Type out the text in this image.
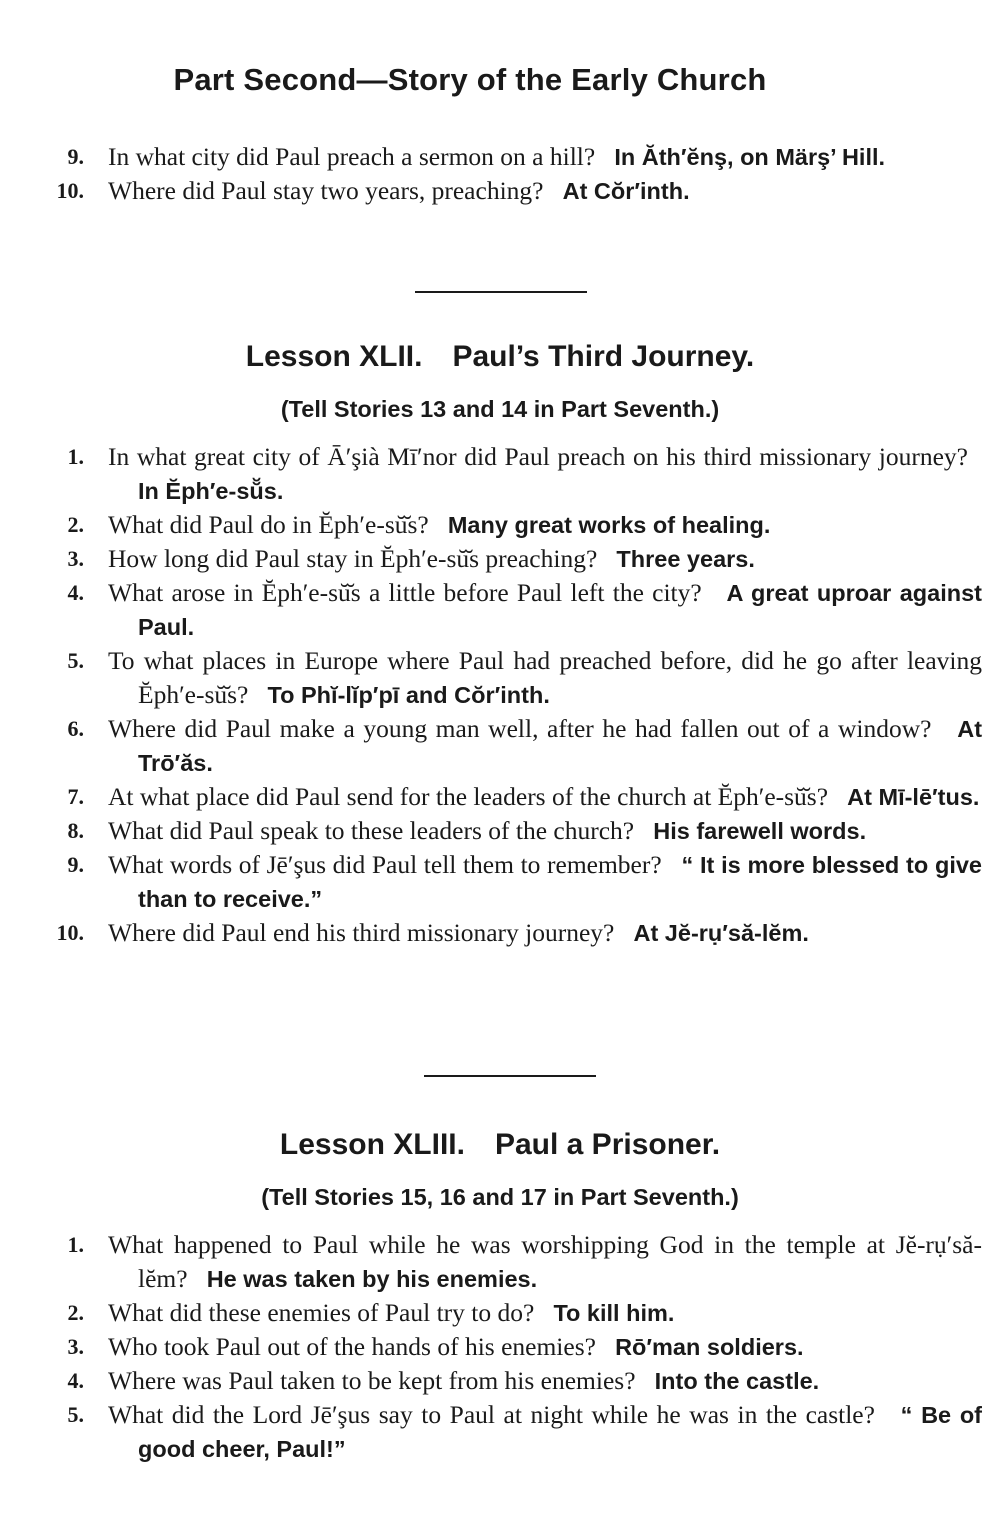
Part Second—Story of the Early Church

9. In what city did Paul preach a sermon on a hill? In Ăth′ĕnş, on Märş’ Hill.

10. Where did Paul stay two years, preaching? At Cŏr′inth.

Lesson XLII. Paul’s Third Journey.
(Tell Stories 13 and 14 in Part Seventh.)

1. In what great city of Ā′şià Mī′nor did Paul preach on his third missionary journey?   In Ĕph′e-sŭ̆s.

2. What did Paul do in Ĕph′e-sŭ̆s? Many great works of healing.

3. How long did Paul stay in Ĕph′e-sŭ̆s preaching? Three years.

4. What arose in Ĕph′e-sŭ̆s a little before Paul left the city? A great uproar against Paul.

5. To what places in Europe where Paul had preached before, did he go after leaving Ĕph′e-sŭ̆s? To Phĭ-lĭp′pī and Cŏr′inth.

6. Where did Paul make a young man well, after he had fallen out of a window? At Trō′ăs.

7. At what place did Paul send for the leaders of the church at Ĕph′e-sŭ̆s? At Mī-lē′tus.

8. What did Paul speak to these leaders of the church? His farewell words.

9. What words of Jē′şus did Paul tell them to remember? “ It is more blessed to give than to receive.”

10. Where did Paul end his third missionary journey? At Jĕ-rụ′să-lĕm.

Lesson XLIII. Paul a Prisoner.
(Tell Stories 15, 16 and 17 in Part Seventh.)

1. What happened to Paul while he was worshipping God in the temple at Jĕ-rụ′să-lĕm? He was taken by his enemies.

2. What did these enemies of Paul try to do? To kill him.

3. Who took Paul out of the hands of his enemies? Rō′man soldiers.

4. Where was Paul taken to be kept from his enemies? Into the castle.

5. What did the Lord Jē′şus say to Paul at night while he was in the castle? “ Be of good cheer, Paul!”
